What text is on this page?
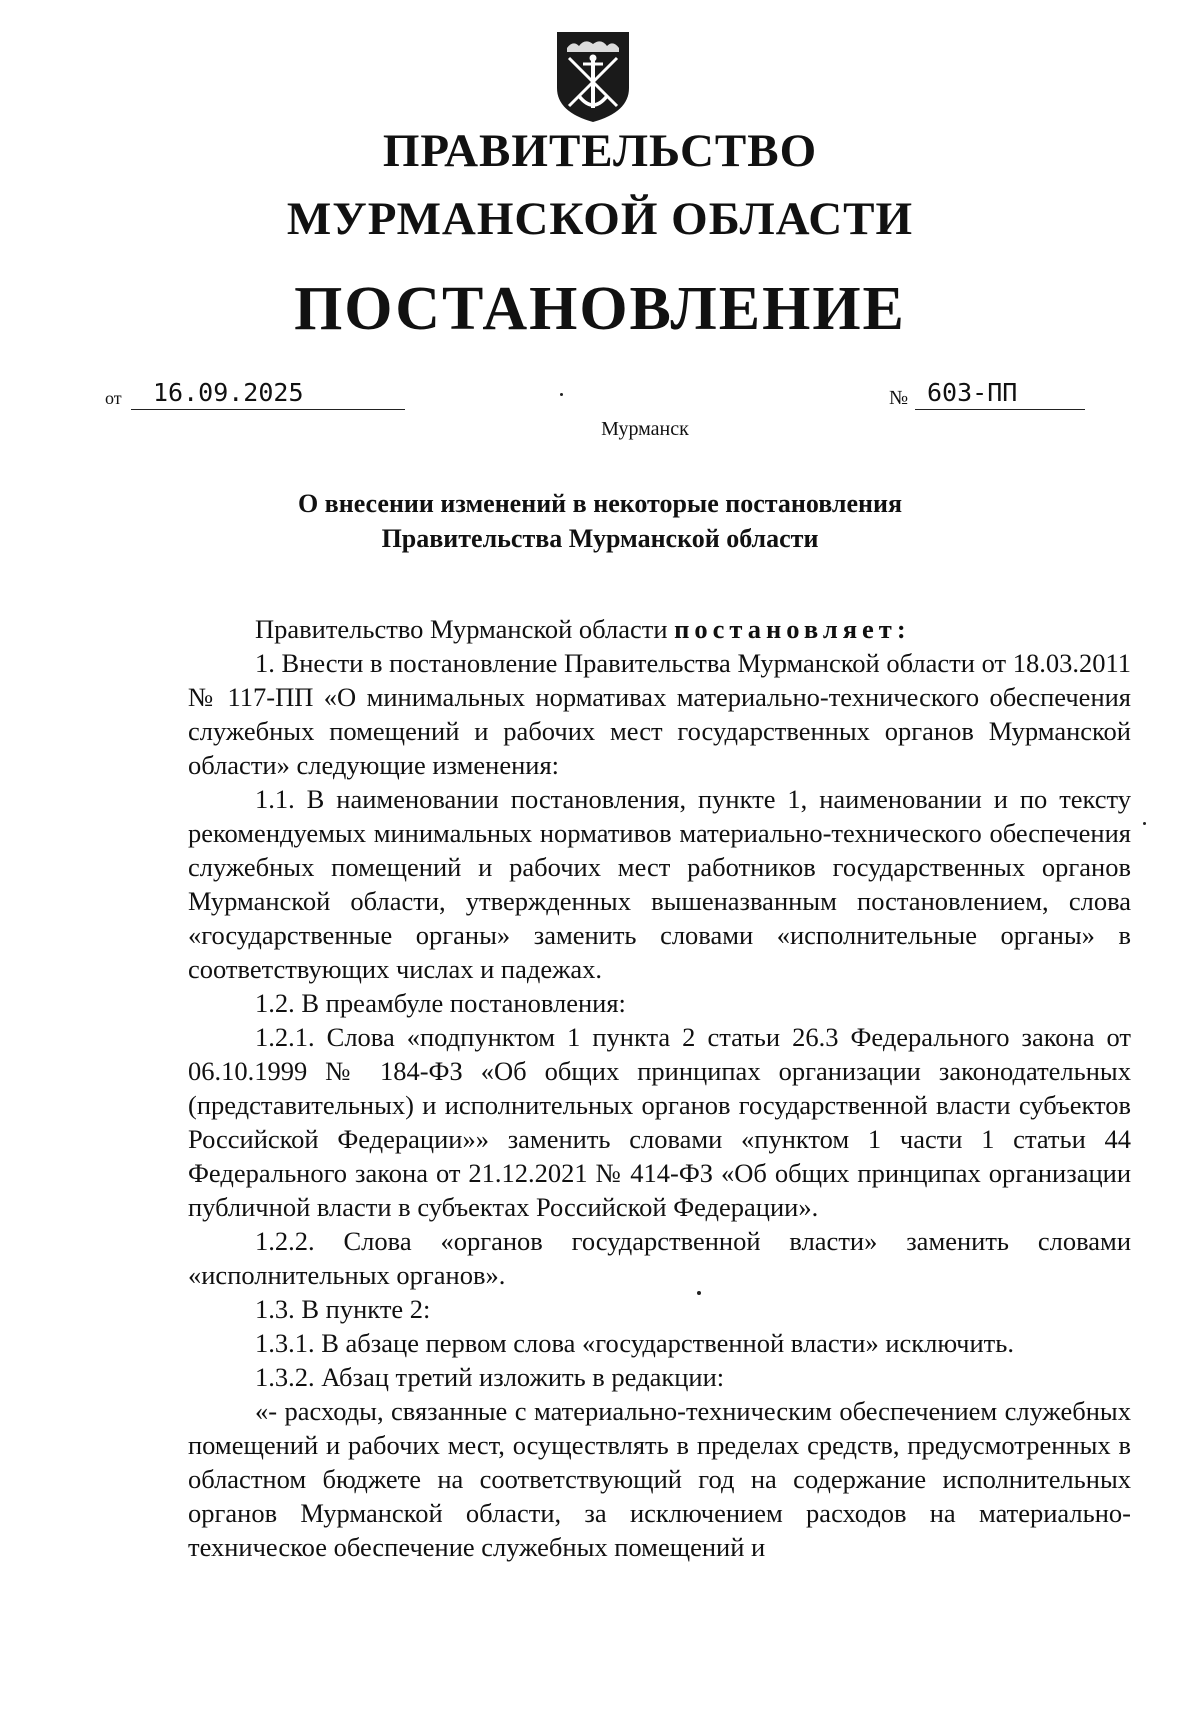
ПРАВИТЕЛЬСТВО
МУРМАНСКОЙ ОБЛАСТИ
ПОСТАНОВЛЕНИЕ
от	16.09.2025	№ 603-ПП
Мурманск
О внесении изменений в некоторые постановления
Правительства Мурманской области

Правительство Мурманской области постановляет:

1. Внести в постановление Правительства Мурманской области от 18.03.2011 № 117-ПП «О минимальных нормативах материально-технического обеспечения служебных помещений и рабочих мест государственных органов Мурманской области» следующие изменения:

1.1. В наименовании постановления, пункте 1, наименовании и по тексту рекомендуемых минимальных нормативов материально-технического обеспечения служебных помещений и рабочих мест работников государственных органов Мурманской области, утвержденных вышеназванным постановлением, слова «государственные органы» заменить словами «исполнительные органы» в соответствующих числах и падежах.

1.2. В преамбуле постановления:

1.2.1. Слова «подпунктом 1 пункта 2 статьи 26.3 Федерального закона от 06.10.1999 № 184-ФЗ «Об общих принципах организации законодательных (представительных) и исполнительных органов государственной власти субъектов Российской Федерации»» заменить словами «пунктом 1 части 1 статьи 44 Федерального закона от 21.12.2021 № 414-ФЗ «Об общих принципах организации публичной власти в субъектах Российской Федерации».

1.2.2. Слова «органов государственной власти» заменить словами «исполнительных органов».

1.3. В пункте 2:

1.3.1. В абзаце первом слова «государственной власти» исключить.

1.3.2. Абзац третий изложить в редакции:

«- расходы, связанные с материально-техническим обеспечением служебных помещений и рабочих мест, осуществлять в пределах средств, предусмотренных в областном бюджете на соответствующий год на содержание исполнительных органов Мурманской области, за исключением расходов на материально-техническое обеспечение служебных помещений и
